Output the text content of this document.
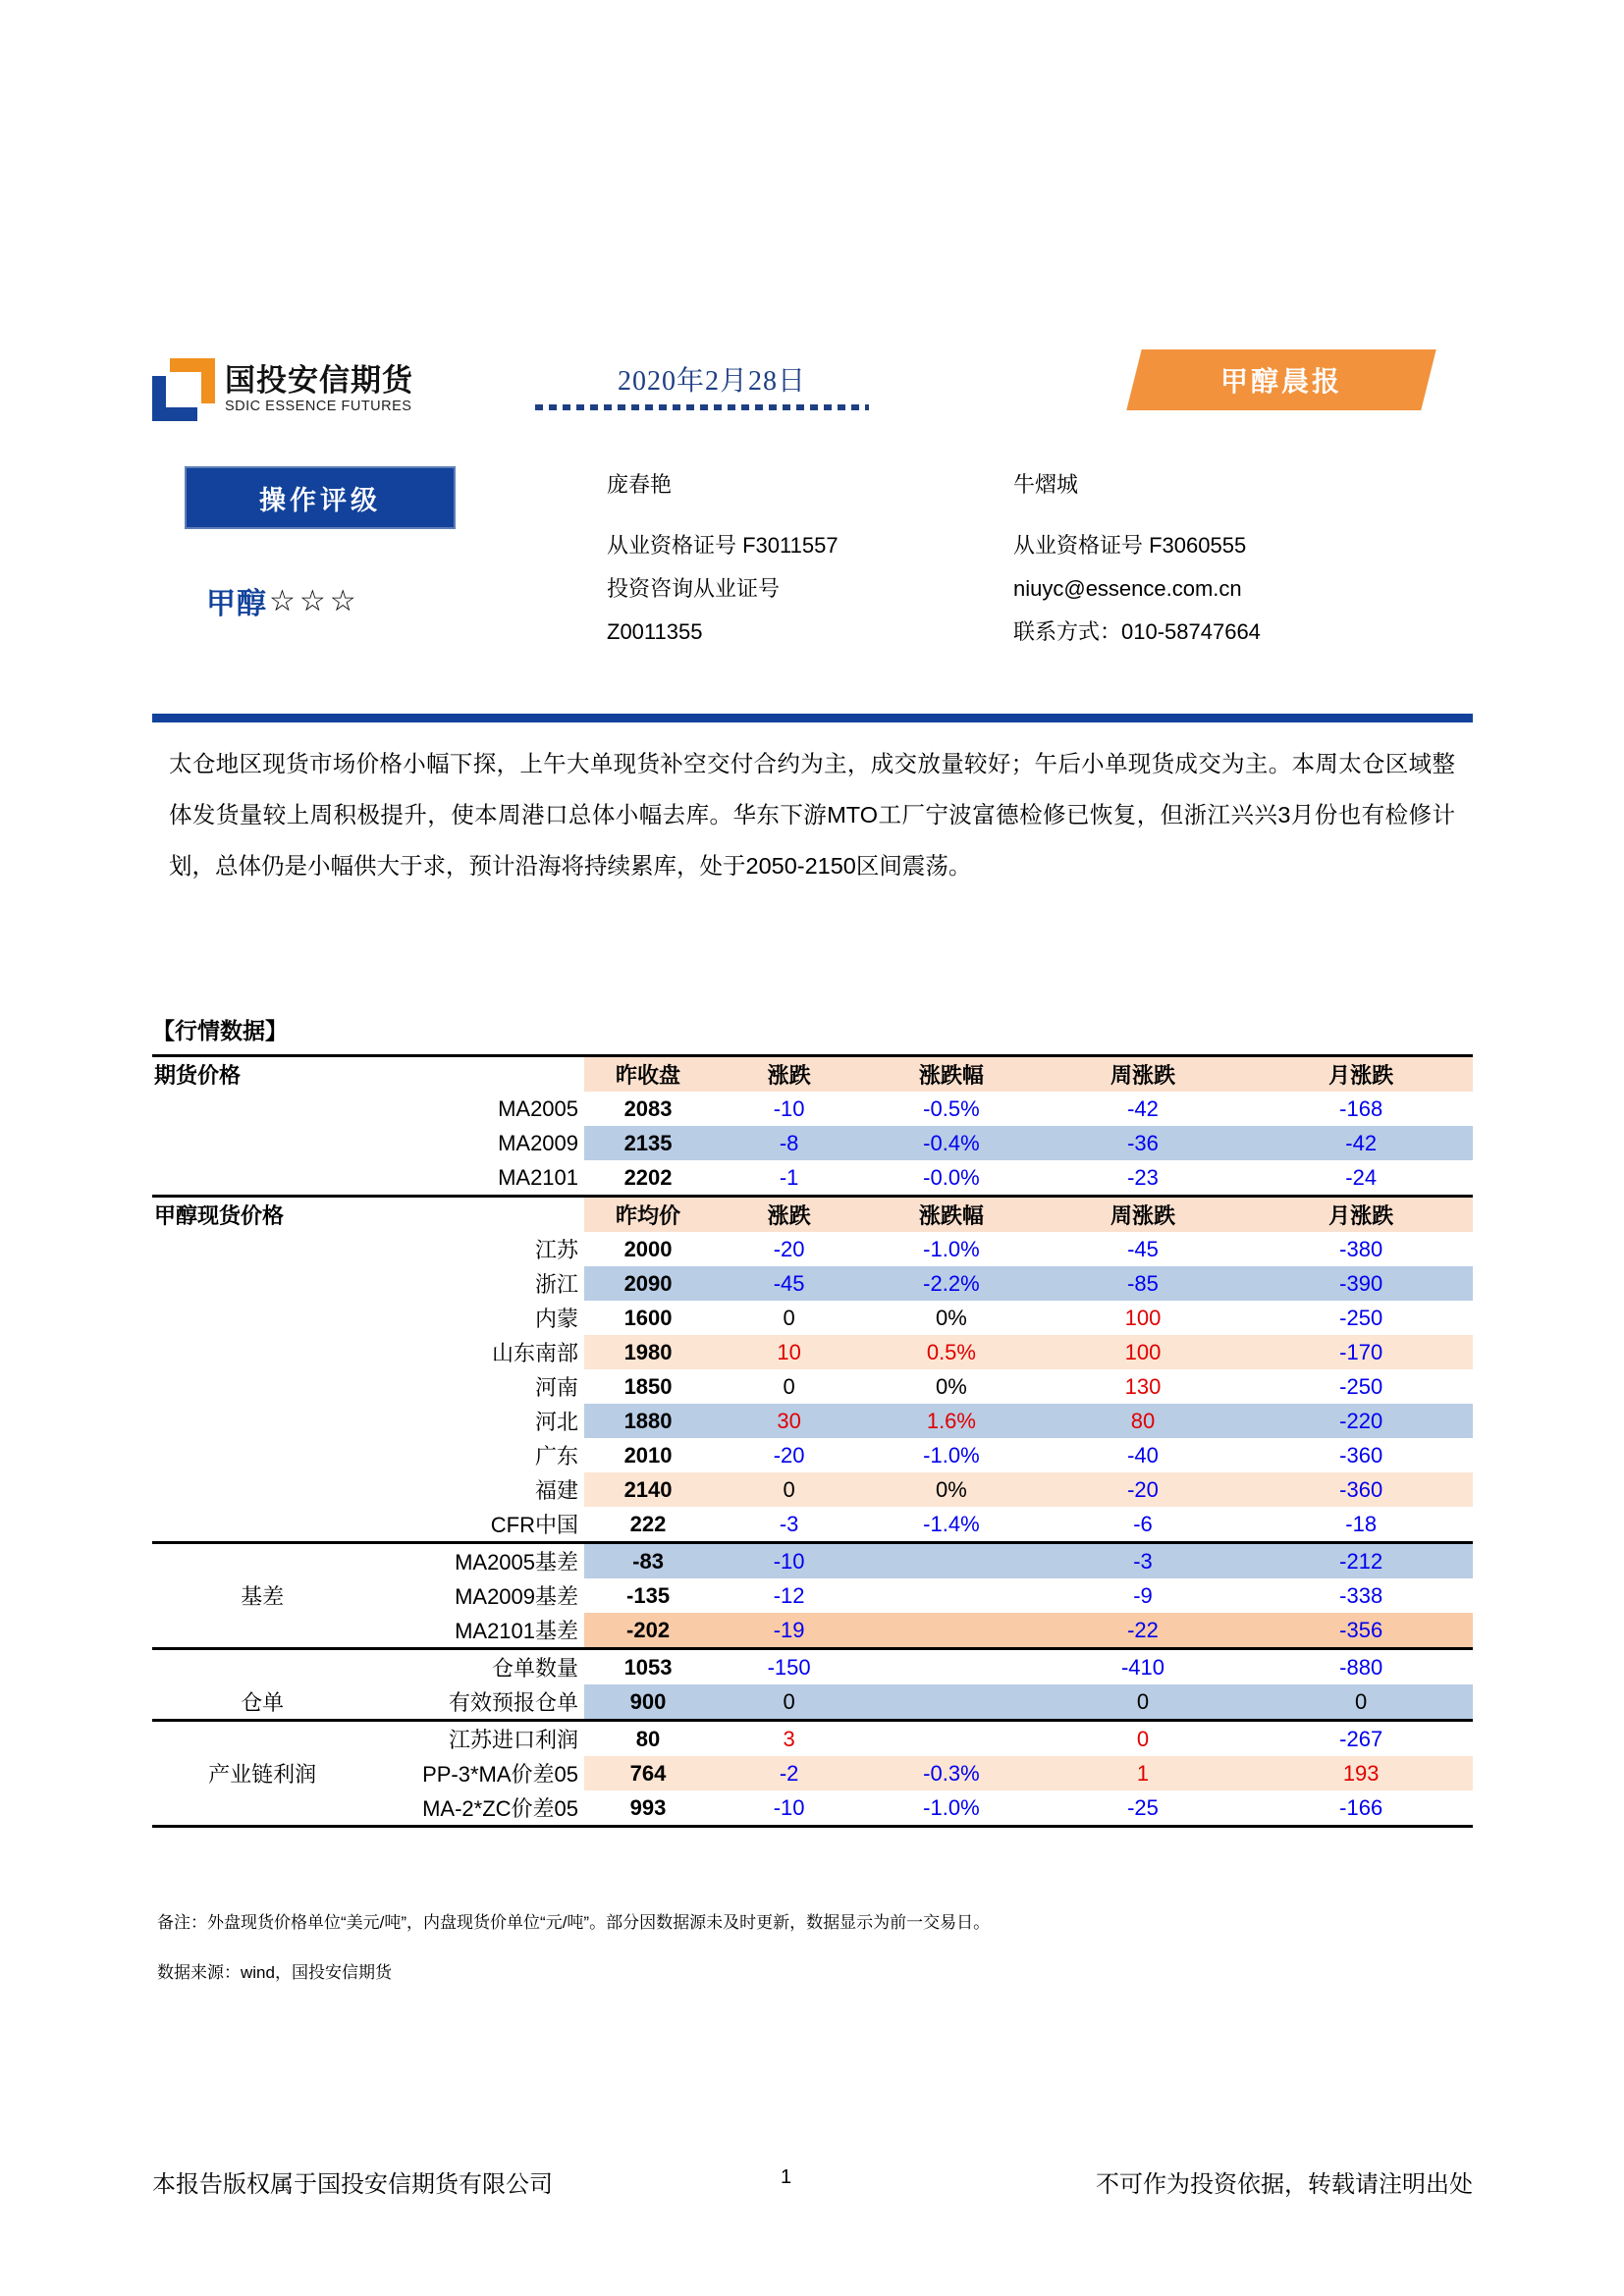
国投安信期货
SDIC ESSENCE FUTURES
2020年2月28日	甲醇晨报
操作评级
甲醇 ☆☆☆
庞春艳
从业资格证号 F3011557
投资咨询从业证号
Z0011355
牛熠城
从业资格证号 F3060555
niuyc@essence.com.cn
联系方式：010-58747664
太仓地区现货市场价格小幅下探，上午大单现货补空交付合约为主，成交放量较好；午后小单现货成交为主。本周太仓区域整体发货量较上周积极提升，使本周港口总体小幅去库。华东下游MTO工厂宁波富德检修已恢复，但浙江兴兴3月份也有检修计划，总体仍是小幅供大于求，预计沿海将持续累库，处于2050-2150区间震荡。
【行情数据】
期货价格		昨收盘	涨跌	涨跌幅	周涨跌	月涨跌
	MA2005	2083	-10	-0.5%	-42	-168
	MA2009	2135	-8	-0.4%	-36	-42
	MA2101	2202	-1	-0.0%	-23	-24
甲醇现货价格		昨均价	涨跌	涨跌幅	周涨跌	月涨跌
	江苏	2000	-20	-1.0%	-45	-380
	浙江	2090	-45	-2.2%	-85	-390
	内蒙	1600	0	0%	100	-250
	山东南部	1980	10	0.5%	100	-170
	河南	1850	0	0%	130	-250
	河北	1880	30	1.6%	80	-220
	广东	2010	-20	-1.0%	-40	-360
	福建	2140	0	0%	-20	-360
	CFR中国	222	-3	-1.4%	-6	-18
	MA2005基差	-83	-10		-3	-212
基差	MA2009基差	-135	-12		-9	-338
	MA2101基差	-202	-19		-22	-356
	仓单数量	1053	-150		-410	-880
仓单	有效预报仓单	900	0		0	0
	江苏进口利润	80	3		0	-267
产业链利润	PP-3*MA价差05	764	-2	-0.3%	1	193
	MA-2*ZC价差05	993	-10	-1.0%	-25	-166
备注：外盘现货价格单位“美元/吨”，内盘现货价单位“元/吨”。部分因数据源未及时更新，数据显示为前一交易日。
数据来源：wind，国投安信期货
本报告版权属于国投安信期货有限公司	1	不可作为投资依据，转载请注明出处
